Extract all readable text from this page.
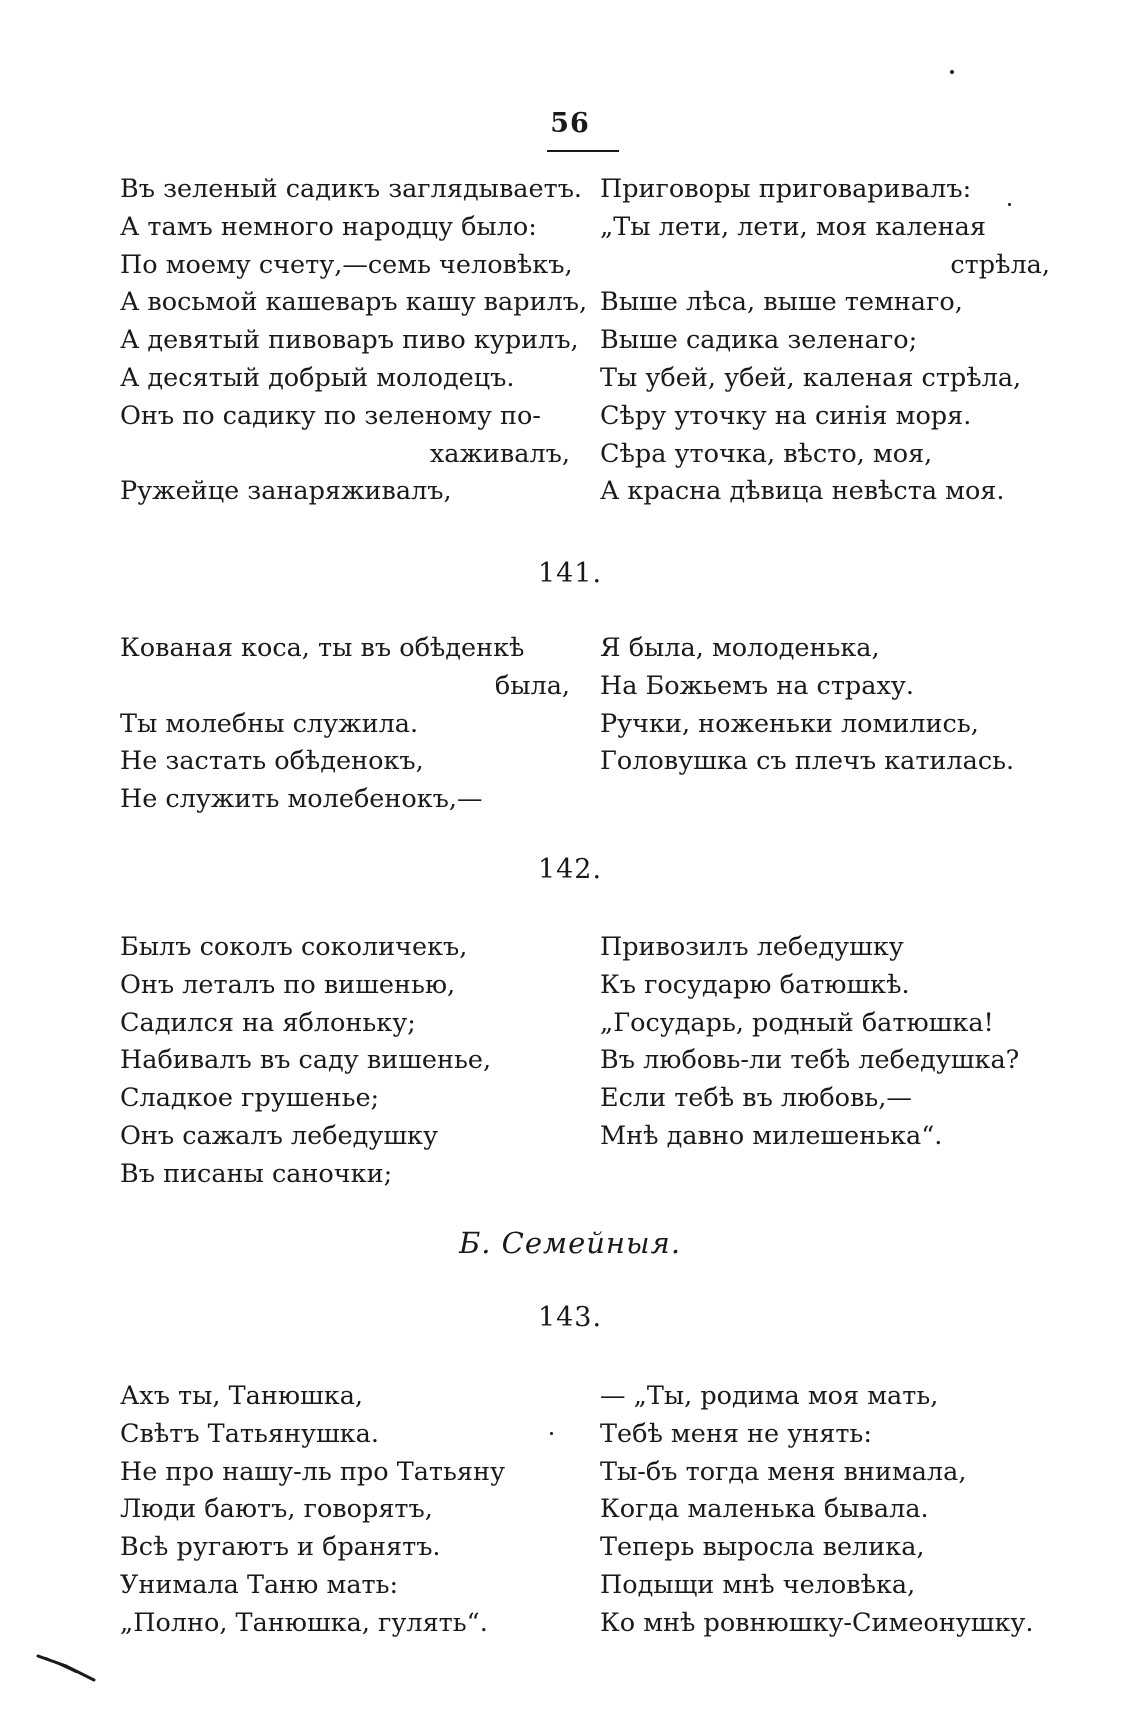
56
Въ зеленый садикъ заглядываетъ.
А тамъ немного народцу было:
По моему счету,—семь человѣкъ,
А восьмой кашеваръ кашу варилъ,
А девятый пивоваръ пиво курилъ,
А десятый добрый молодецъ.
Онъ по садику по зеленому по-
хаживалъ,
Ружейце занаряживалъ,
Приговоры приговаривалъ:
„Ты лети, лети, моя каленая
стрѣла,
Выше лѣса, выше темнаго,
Выше садика зеленаго;
Ты убей, убей, каленая стрѣла,
Сѣру уточку на синія моря.
Сѣра уточка, вѣсто, моя,
А красна дѣвица невѣста моя.
141.
Кованая коса, ты въ обѣденкѣ
была,
Ты молебны служила.
Не застать обѣденокъ,
Не служить молебенокъ,—
Я была, молоденька,
На Божьемъ на страху.
Ручки, ноженьки ломились,
Головушка съ плечъ катилась.
142.
Былъ соколъ соколичекъ,
Онъ леталъ по вишенью,
Садился на яблоньку;
Набивалъ въ саду вишенье,
Сладкое грушенье;
Онъ сажалъ лебедушку
Въ писаны саночки;
Привозилъ лебедушку
Къ государю батюшкѣ.
„Государь, родный батюшка!
Въ любовь-ли тебѣ лебедушка?
Если тебѣ въ любовь,—
Мнѣ давно милешенька“.
Б. Семейныя.
143.
Ахъ ты, Танюшка,
Свѣтъ Татьянушка.
Не про нашу-ль про Татьяну
Люди баютъ, говорятъ,
Всѣ ругаютъ и бранятъ.
Унимала Таню мать:
„Полно, Танюшка, гулять“.
— „Ты, родима моя мать,
Тебѣ меня не унять:
Ты-бъ тогда меня внимала,
Когда маленька бывала.
Теперь выросла велика,
Подыщи мнѣ человѣка,
Ко мнѣ ровнюшку-Симеонушку.
